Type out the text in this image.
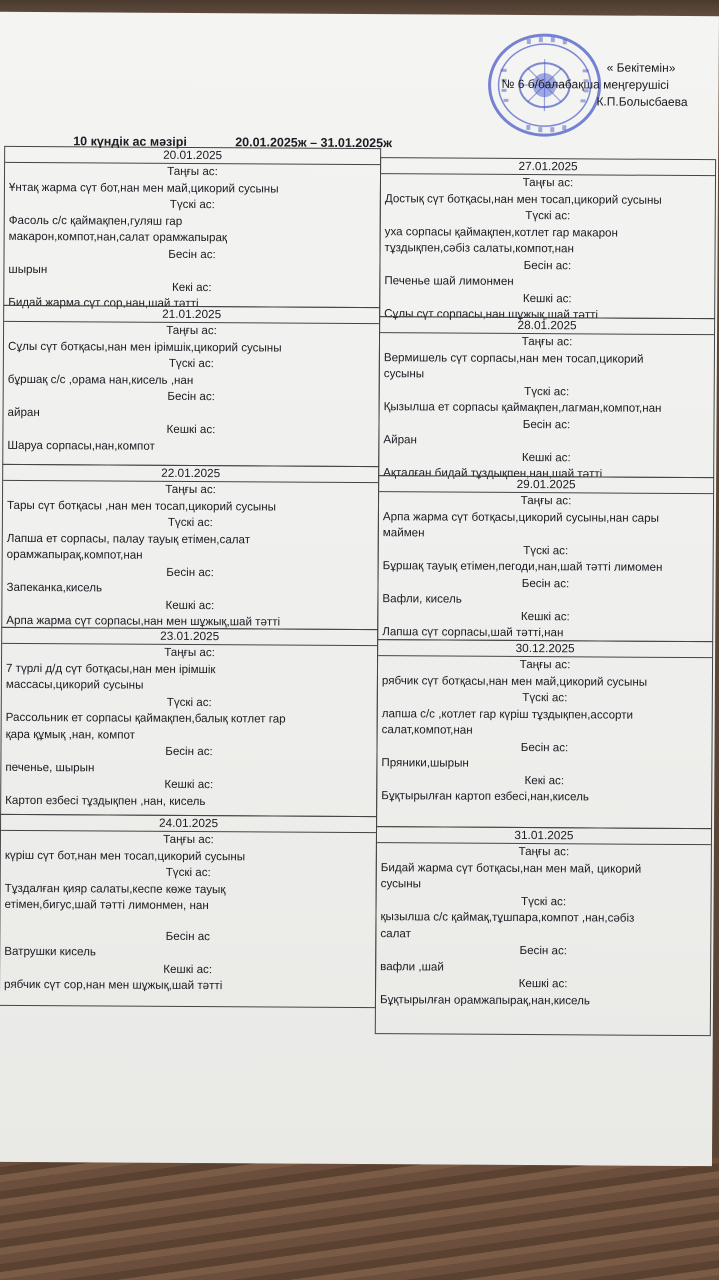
« Бекітемін»
№ 6 б/балабақша меңгерушісі
К.П.Болысбаева
10 күндік ас мәзірі	20.01.2025ж – 31.01.2025ж
20.01.2025
Таңғы ас:
Ұнтақ жарма сүт бот,нан мен май,цикорий сусыны
Түскі ас:
Фасоль с/с қаймақпен,гуляш гар
макарон,компот,нан,салат орамжапырақ
Бесін ас:
шырын
Кекі ас:
Бидай жарма сүт сор,нан,шай тәтті
21.01.2025
Таңғы ас:
Сұлы сүт ботқасы,нан мен ірімшік,цикорий сусыны
Түскі ас:
бұршақ с/с ,орама нан,кисель ,нан
Бесін ас:
айран
Кешкі ас:
Шаруа сорпасы,нан,компот
22.01.2025
Таңғы ас:
Тары сүт ботқасы ,нан мен тосап,цикорий сусыны
Түскі ас:
Лапша ет сорпасы, палау тауық етімен,салат
орамжапырақ,компот,нан
Бесін ас:
Запеканка,кисель
Кешкі ас:
Арпа жарма сүт сорпасы,нан мен шұжық,шай тәтті
23.01.2025
Таңғы ас:
7 түрлі д/д сүт ботқасы,нан мен ірімшік
массасы,цикорий сусыны
Түскі ас:
Рассольник ет сорпасы қаймақпен,балық котлет гар
қара құмық ,нан, компот
Бесін ас:
печенье, шырын
Кешкі ас:
Картоп езбесі тұздықпен ,нан, кисель
24.01.2025
Таңғы ас:
күріш сүт бот,нан мен тосап,цикорий сусыны
Түскі ас:
Тұздалған қияр салаты,кеспе көже тауық
етімен,бигус,шай тәтті лимонмен, нан
Бесін ас
Ватрушки кисель
Кешкі ас:
рябчик сүт сор,нан мен шұжық,шай тәтті
27.01.2025
Таңғы ас:
Достық сүт ботқасы,нан мен тосап,цикорий сусыны
Түскі ас:
уха сорпасы қаймақпен,котлет гар макарон
тұздықпен,сәбіз салаты,компот,нан
Бесін ас:
Печенье шай лимонмен
Кешкі ас:
Сұлы сүт сорпасы,нан шұжық,шай тәтті
28.01.2025
Таңғы ас:
Вермишель сүт сорпасы,нан мен тосап,цикорий
сусыны
Түскі ас:
Қызылша ет сорпасы қаймақпен,лагман,компот,нан
Бесін ас:
Айран
Кешкі ас:
Ақталған бидай тұздықпен,нан,шай тәтті
29.01.2025
Таңғы ас:
Арпа жарма сүт ботқасы,цикорий сусыны,нан сары
маймен
Түскі ас:
Бұршақ тауық етімен,пегоди,нан,шай тәтті лимомен
Бесін ас:
Вафли, кисель
Кешкі ас:
Лапша сүт сорпасы,шай тәтті,нан
30.12.2025
Таңғы ас:
рябчик сүт ботқасы,нан мен май,цикорий сусыны
Түскі ас:
лапша с/с ,котлет гар күріш тұздықпен,ассорти
салат,компот,нан
Бесін ас:
Пряники,шырын
Кекі ас:
Бұқтырылған картоп езбесі,нан,кисель
31.01.2025
Таңғы ас:
Бидай жарма сүт ботқасы,нан мен май, цикорий
сусыны
Түскі ас:
қызылша с/с қаймақ,тұшпара,компот ,нан,сәбіз
салат
Бесін ас:
вафли ,шай
Кешкі ас:
Бұқтырылған орамжапырақ,нан,кисель
